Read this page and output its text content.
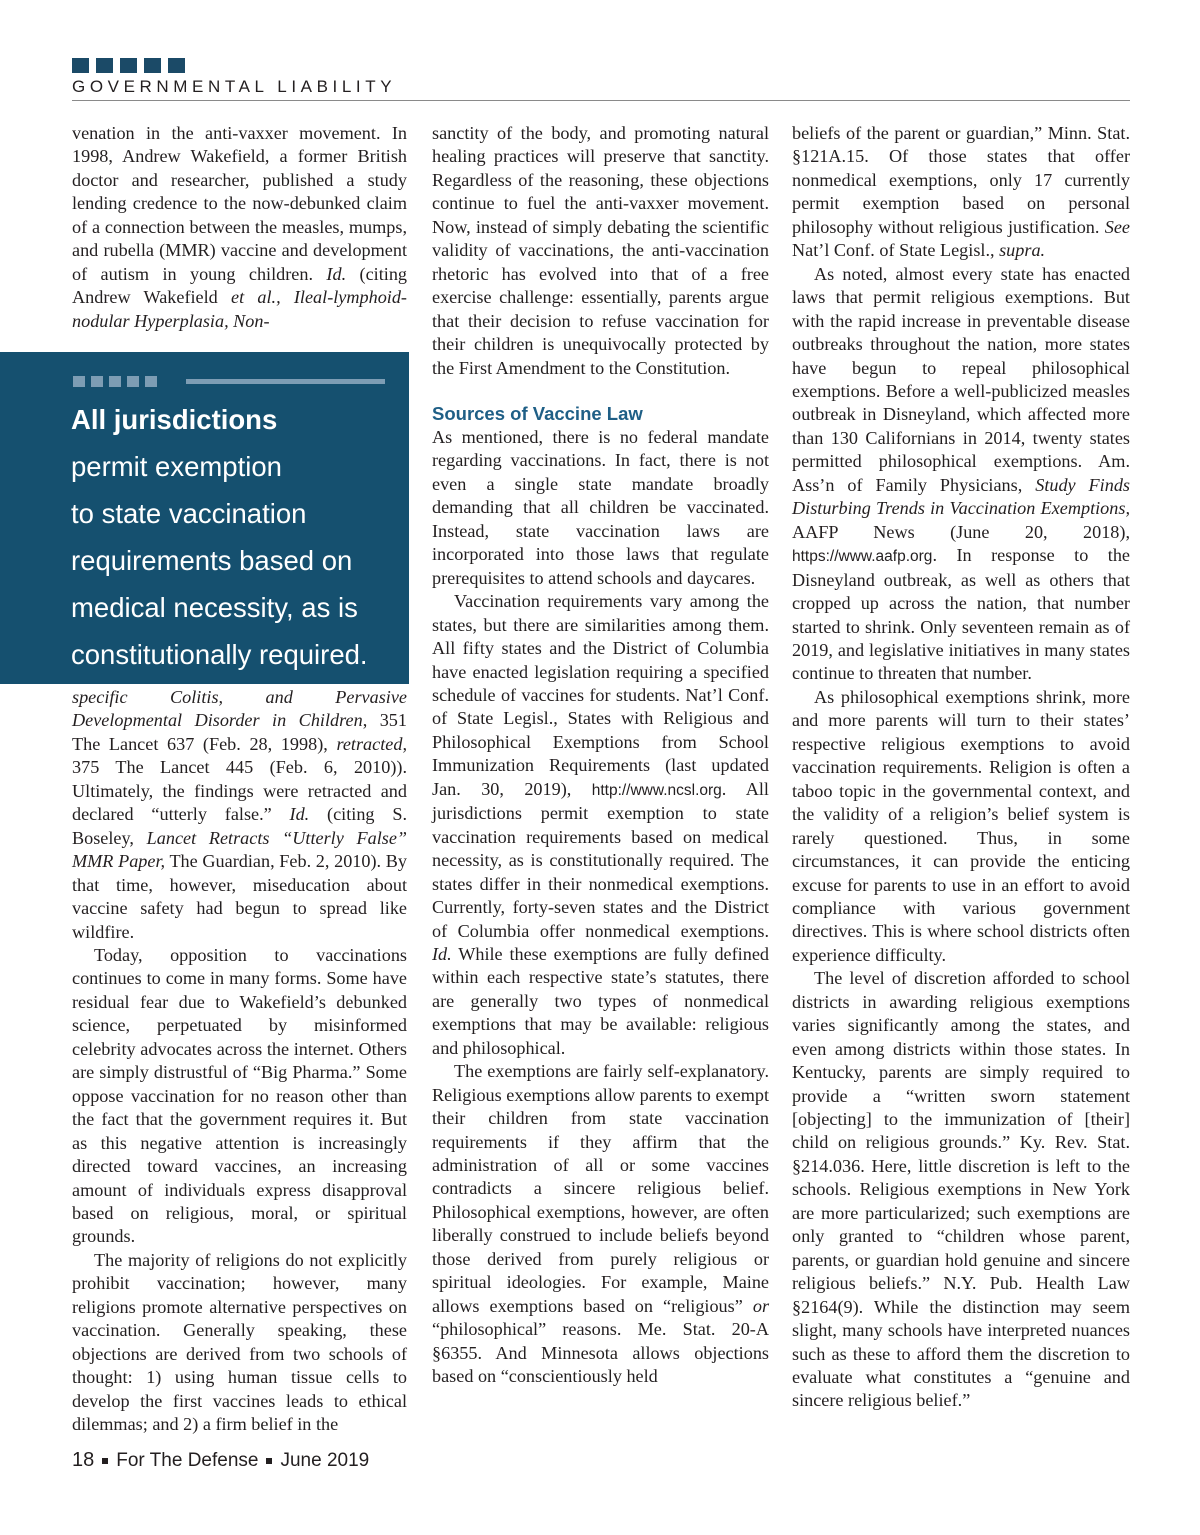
GOVERNMENTAL LIABILITY

venation in the anti-vaxxer movement. In 1998, Andrew Wakefield, a former British doctor and researcher, published a study lending credence to the now-debunked claim of a connection between the measles, mumps, and rubella (MMR) vaccine and development of autism in young children. Id. (citing Andrew Wakefield et al., Ileal-lymphoid-nodular Hyperplasia, Non-

All jurisdictions
permit exemption
to state vaccination
requirements based on
medical necessity, as is
constitutionally required.

specific Colitis, and Pervasive Developmental Disorder in Children, 351 The Lancet 637 (Feb. 28, 1998), retracted, 375 The Lancet 445 (Feb. 6, 2010)). Ultimately, the findings were retracted and declared “utterly false.” Id. (citing S. Boseley, Lancet Retracts “Utterly False” MMR Paper, The Guardian, Feb. 2, 2010). By that time, however, miseducation about vaccine safety had begun to spread like wildfire.

Today, opposition to vaccinations continues to come in many forms. Some have residual fear due to Wakefield’s debunked science, perpetuated by misinformed celebrity advocates across the internet. Others are simply distrustful of “Big Pharma.” Some oppose vaccination for no reason other than the fact that the government requires it. But as this negative attention is increasingly directed toward vaccines, an increasing amount of individuals express disapproval based on religious, moral, or spiritual grounds.

The majority of religions do not explicitly prohibit vaccination; however, many religions promote alternative perspectives on vaccination. Generally speaking, these objections are derived from two schools of thought: 1) using human tissue cells to develop the first vaccines leads to ethical dilemmas; and 2) a firm belief in the

sanctity of the body, and promoting natural healing practices will preserve that sanctity. Regardless of the reasoning, these objections continue to fuel the anti-vaxxer movement. Now, instead of simply debating the scientific validity of vaccinations, the anti-vaccination rhetoric has evolved into that of a free exercise challenge: essentially, parents argue that their decision to refuse vaccination for their children is unequivocally protected by the First Amendment to the Constitution.

Sources of Vaccine Law

As mentioned, there is no federal mandate regarding vaccinations. In fact, there is not even a single state mandate broadly demanding that all children be vaccinated. Instead, state vaccination laws are incorporated into those laws that regulate prerequisites to attend schools and daycares.

Vaccination requirements vary among the states, but there are similarities among them. All fifty states and the District of Columbia have enacted legislation requiring a specified schedule of vaccines for students. Nat’l Conf. of State Legisl., States with Religious and Philosophical Exemptions from School Immunization Requirements (last updated Jan. 30, 2019), http://www.ncsl.org. All jurisdictions permit exemption to state vaccination requirements based on medical necessity, as is constitutionally required. The states differ in their nonmedical exemptions. Currently, forty-seven states and the District of Columbia offer nonmedical exemptions. Id. While these exemptions are fully defined within each respective state’s statutes, there are generally two types of nonmedical exemptions that may be available: religious and philosophical.

The exemptions are fairly self-explanatory. Religious exemptions allow parents to exempt their children from state vaccination requirements if they affirm that the administration of all or some vaccines contradicts a sincere religious belief. Philosophical exemptions, however, are often liberally construed to include beliefs beyond those derived from purely religious or spiritual ideologies. For example, Maine allows exemptions based on “religious” or “philosophical” reasons. Me. Stat. 20-A §6355. And Minnesota allows objections based on “conscientiously held

beliefs of the parent or guardian,” Minn. Stat. §121A.15. Of those states that offer nonmedical exemptions, only 17 currently permit exemption based on personal philosophy without religious justification. See Nat’l Conf. of State Legisl., supra.

As noted, almost every state has enacted laws that permit religious exemptions. But with the rapid increase in preventable disease outbreaks throughout the nation, more states have begun to repeal philosophical exemptions. Before a well-publicized measles outbreak in Disneyland, which affected more than 130 Californians in 2014, twenty states permitted philosophical exemptions. Am. Ass’n of Family Physicians, Study Finds Disturbing Trends in Vaccination Exemptions, AAFP News (June 20, 2018), https://www.aafp.org. In response to the Disneyland outbreak, as well as others that cropped up across the nation, that number started to shrink. Only seventeen remain as of 2019, and legislative initiatives in many states continue to threaten that number.

As philosophical exemptions shrink, more and more parents will turn to their states’ respective religious exemptions to avoid vaccination requirements. Religion is often a taboo topic in the governmental context, and the validity of a religion’s belief system is rarely questioned. Thus, in some circumstances, it can provide the enticing excuse for parents to use in an effort to avoid compliance with various government directives. This is where school districts often experience difficulty.

The level of discretion afforded to school districts in awarding religious exemptions varies significantly among the states, and even among districts within those states. In Kentucky, parents are simply required to provide a “written sworn statement [objecting] to the immunization of [their] child on religious grounds.” Ky. Rev. Stat. §214.036. Here, little discretion is left to the schools. Religious exemptions in New York are more particularized; such exemptions are only granted to “children whose parent, parents, or guardian hold genuine and sincere religious beliefs.” N.Y. Pub. Health Law §2164(9). While the distinction may seem slight, many schools have interpreted nuances such as these to afford them the discretion to evaluate what constitutes a “genuine and sincere religious belief.”

18 For The Defense June 2019
